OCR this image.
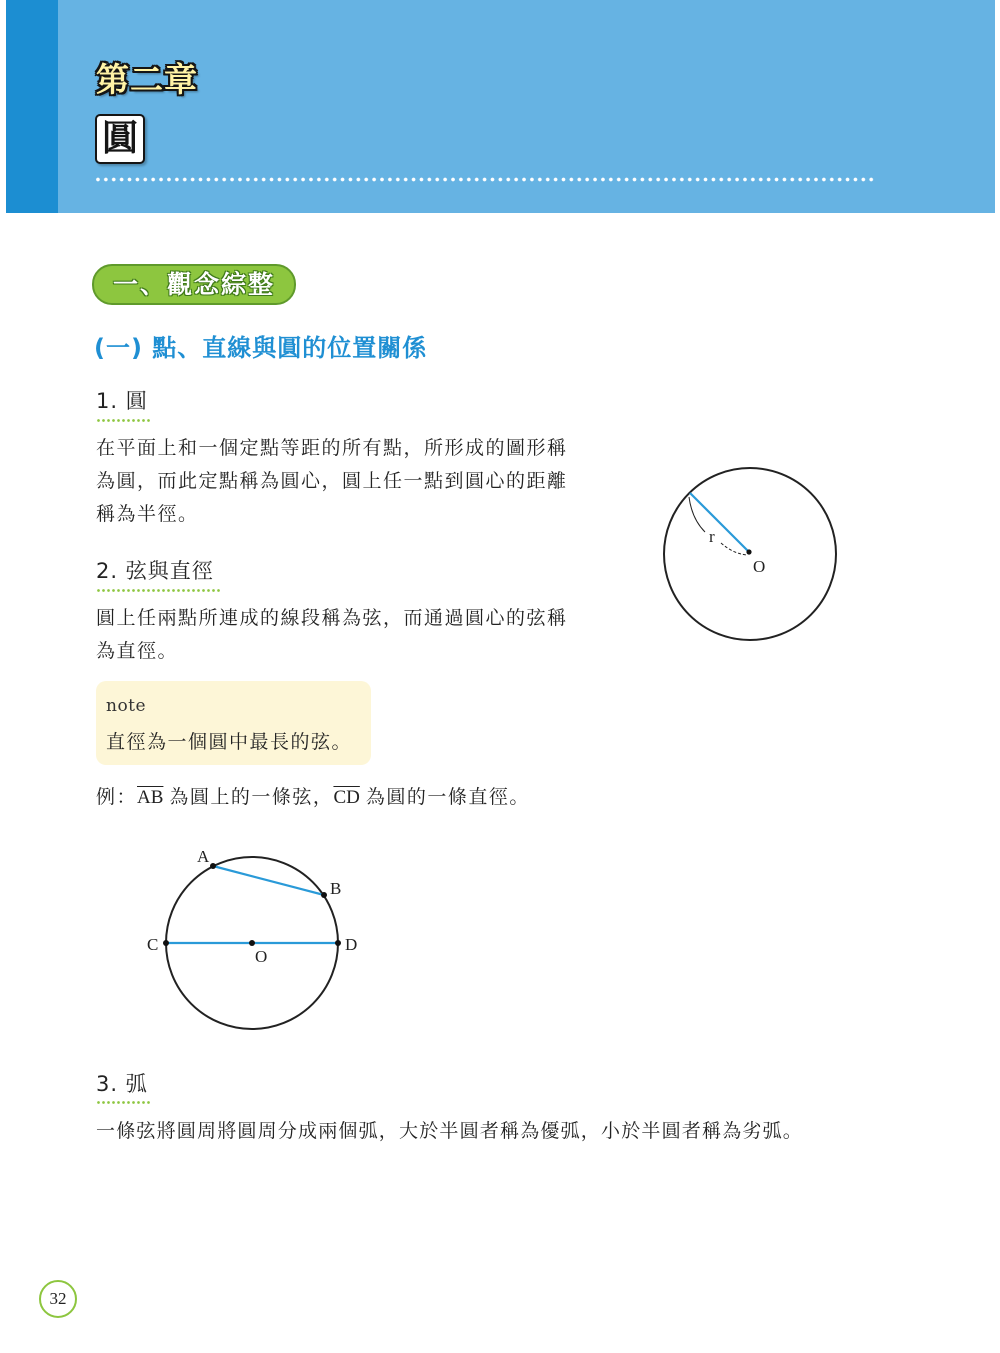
第二章
圓
一、觀念綜整
(一) 點、直線與圓的位置關係
1. 圓
在平面上和一個定點等距的所有點，所形成的圖形稱
為圓，而此定點稱為圓心，圓上任一點到圓心的距離
稱為半徑。
r
O
2. 弦與直徑
圓上任兩點所連成的線段稱為弦，而通過圓心的弦稱
為直徑。
note
直徑為一個圓中最長的弦。
例：$\overline{AB}$ 為圓上的一條弦，$\overline{CD}$ 為圓的一條直徑。
A
B
C	D
O
3. 弧
一條弦將圓周將圓周分成兩個弧，大於半圓者稱為優弧，小於半圓者稱為劣弧。
32
